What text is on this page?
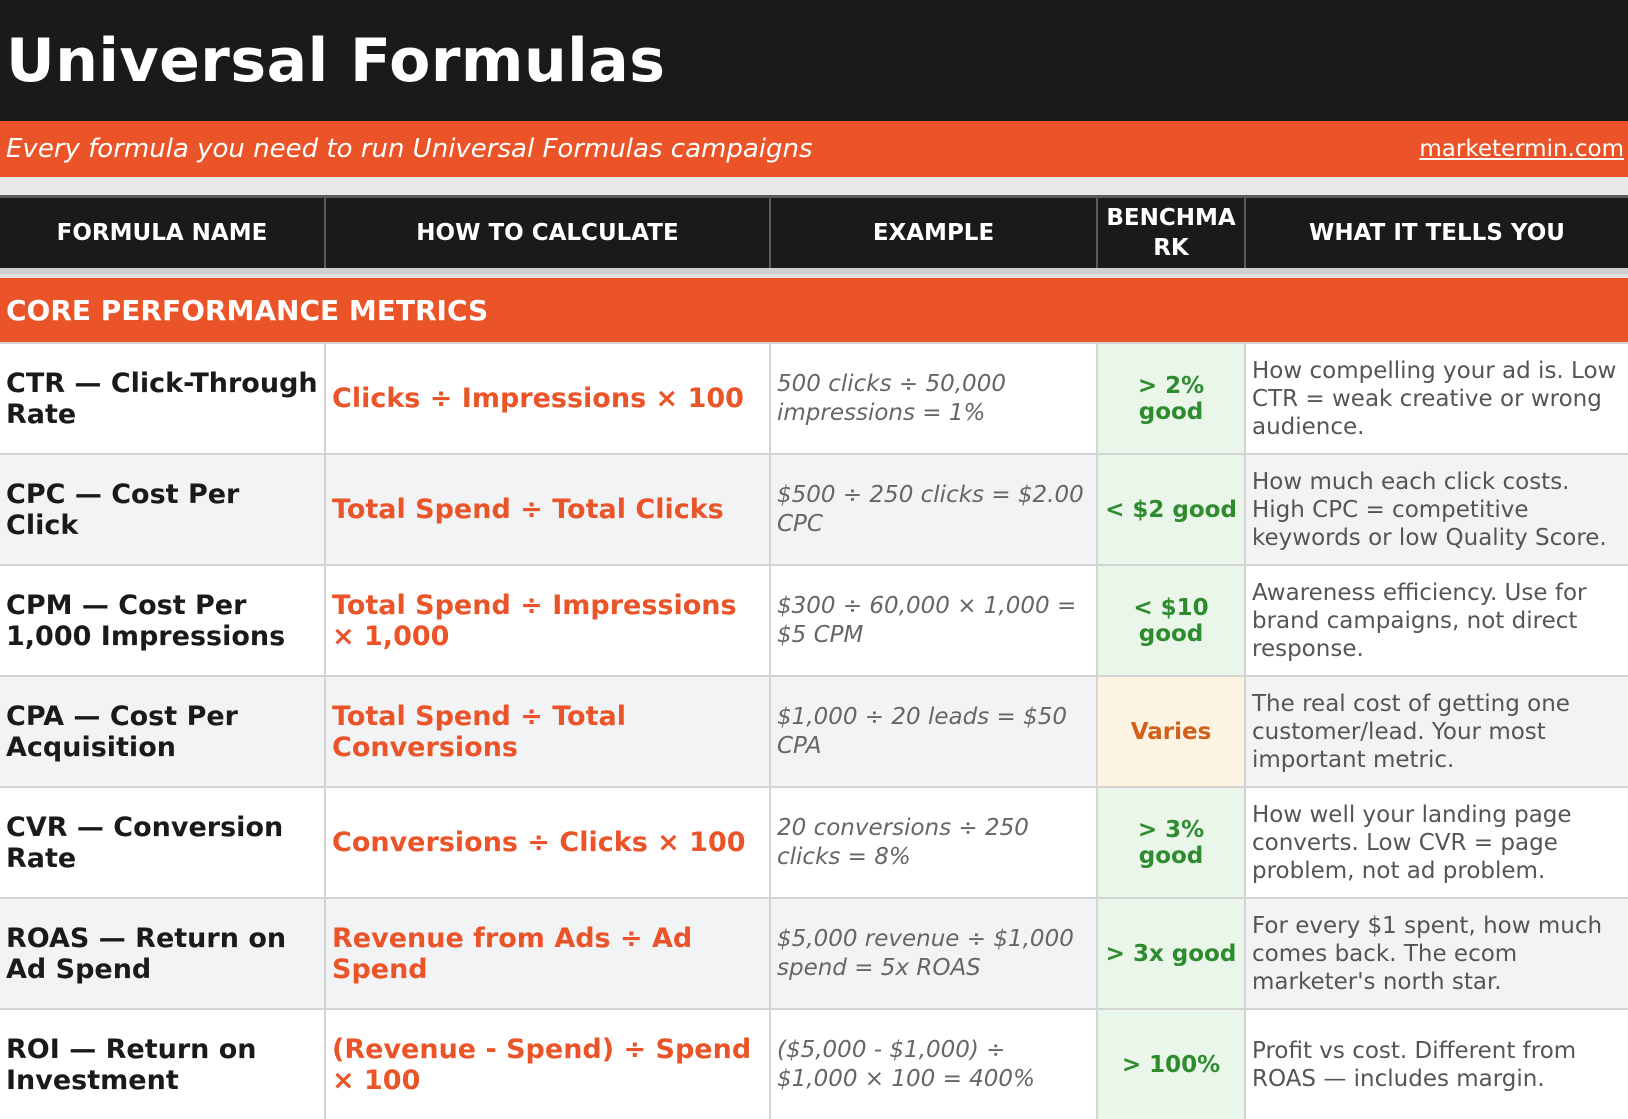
Universal Formulas
Every formula you need to run Universal Formulas campaigns	marketermin.com
FORMULA NAME	HOW TO CALCULATE	EXAMPLE	BENCHMARK	WHAT IT TELLS YOU

CORE PERFORMANCE METRICS				
CTR — Click-Through Rate	Clicks ÷ Impressions × 100	500 clicks ÷ 50,000 impressions = 1%	> 2% good	How compelling your ad is. Low CTR = weak creative or wrong audience.
CPC — Cost Per Click	Total Spend ÷ Total Clicks	$500 ÷ 250 clicks = $2.00 CPC	< $2 good	How much each click costs. High CPC = competitive keywords or low Quality Score.
CPM — Cost Per 1,000 Impressions	Total Spend ÷ Impressions × 1,000	$300 ÷ 60,000 × 1,000 = $5 CPM	< $10 good	Awareness efficiency. Use for brand campaigns, not direct response.
CPA — Cost Per Acquisition	Total Spend ÷ Total Conversions	$1,000 ÷ 20 leads = $50 CPA	Varies	The real cost of getting one customer/lead. Your most important metric.
CVR — Conversion Rate	Conversions ÷ Clicks × 100	20 conversions ÷ 250 clicks = 8%	> 3% good	How well your landing page converts. Low CVR = page problem, not ad problem.
ROAS — Return on Ad Spend	Revenue from Ads ÷ Ad Spend	$5,000 revenue ÷ $1,000 spend = 5x ROAS	> 3x good	For every $1 spent, how much comes back. The ecom marketer's north star.
ROI — Return on Investment	(Revenue - Spend) ÷ Spend × 100	($5,000 - $1,000) ÷ $1,000 × 100 = 400%	> 100%	Profit vs cost. Different from ROAS — includes margin.
